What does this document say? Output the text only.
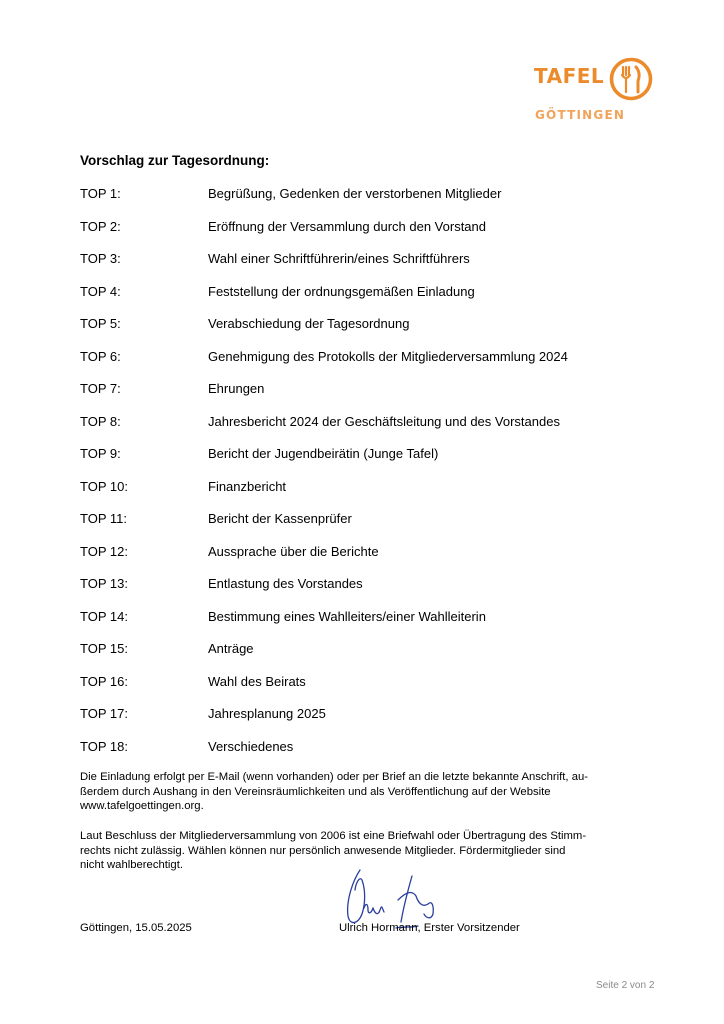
TAFEL
GÖTTINGEN
Vorschlag zur Tagesordnung:
TOP 1:	Begrüßung, Gedenken der verstorbenen Mitglieder
TOP 2:	Eröffnung der Versammlung durch den Vorstand
TOP 3:	Wahl einer Schriftführerin/eines Schriftführers
TOP 4:	Feststellung der ordnungsgemäßen Einladung
TOP 5:	Verabschiedung der Tagesordnung
TOP 6:	Genehmigung des Protokolls der Mitgliederversammlung 2024
TOP 7:	Ehrungen
TOP 8:	Jahresbericht 2024 der Geschäftsleitung und des Vorstandes
TOP 9:	Bericht der Jugendbeirätin (Junge Tafel)
TOP 10:	Finanzbericht
TOP 11:	Bericht der Kassenprüfer
TOP 12:	Aussprache über die Berichte
TOP 13:	Entlastung des Vorstandes
TOP 14:	Bestimmung eines Wahlleiters/einer Wahlleiterin
TOP 15:	Anträge
TOP 16:	Wahl des Beirats
TOP 17:	Jahresplanung 2025
TOP 18:	Verschiedenes
Die Einladung erfolgt per E-Mail (wenn vorhanden) oder per Brief an die letzte bekannte Anschrift, au-
ßerdem durch Aushang in den Vereinsräumlichkeiten und als Veröffentlichung auf der Website
www.tafelgoettingen.org.
Laut Beschluss der Mitgliederversammlung von 2006 ist eine Briefwahl oder Übertragung des Stimm-
rechts nicht zulässig. Wählen können nur persönlich anwesende Mitglieder. Fördermitglieder sind
nicht wahlberechtigt.
Göttingen, 15.05.2025	Ulrich Hormann, Erster Vorsitzender
Seite 2 von 2
